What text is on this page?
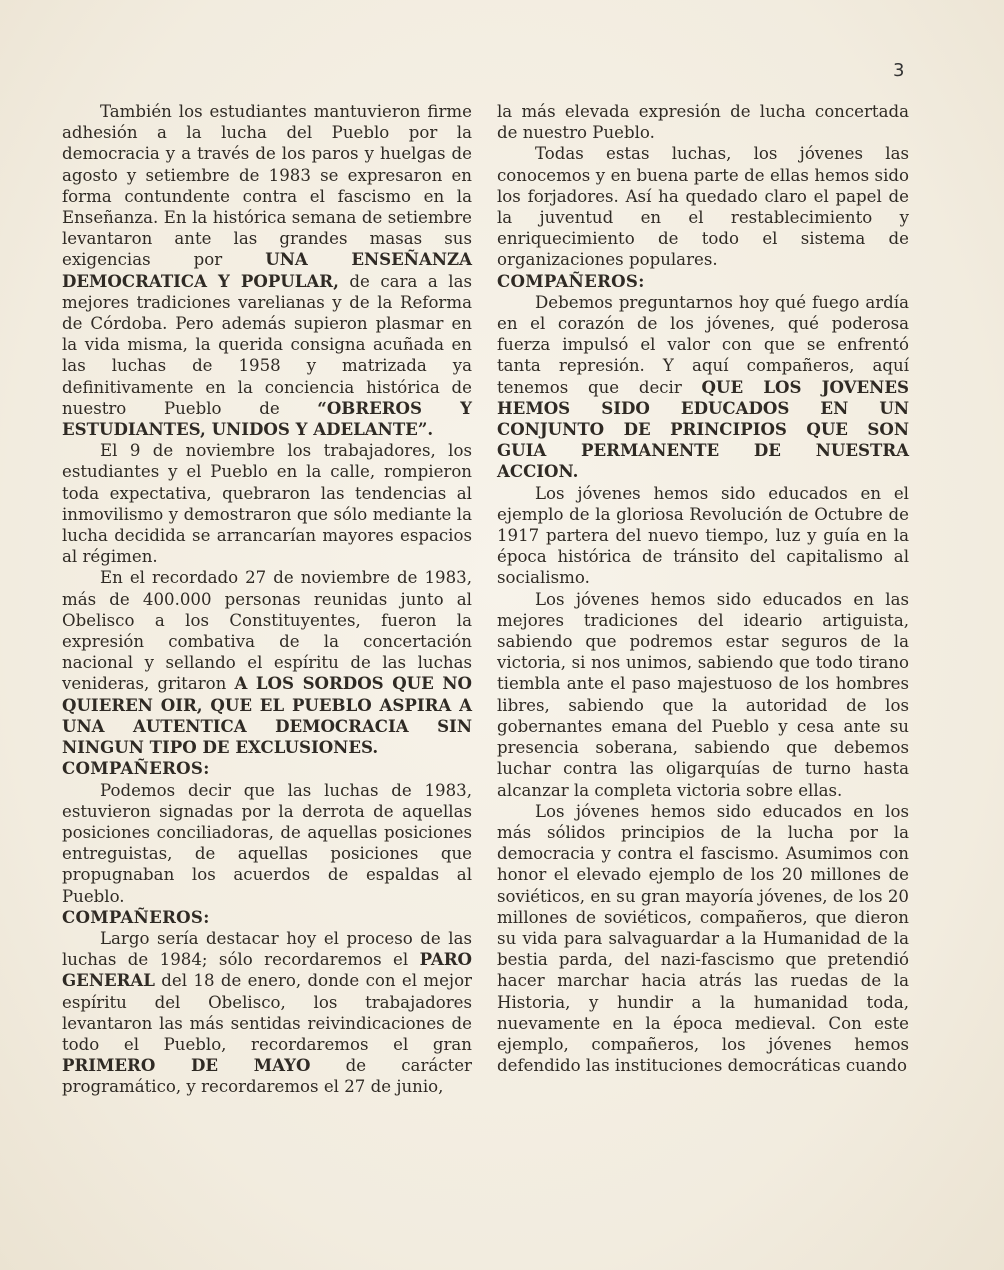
3

También los estudiantes mantuvieron firme adhesión a la lucha del Pueblo por la democracia y a través de los paros y huelgas de agosto y setiembre de 1983 se expresaron en forma contundente contra el fascismo en la Enseñanza. En la histórica semana de setiembre levantaron ante las grandes masas sus exigencias por UNA ENSEÑANZA DEMOCRATICA Y POPULAR, de cara a las mejores tradiciones varelianas y de la Reforma de Córdoba. Pero además supieron plasmar en la vida misma, la querida consigna acuñada en las luchas de 1958 y matrizada ya definitivamente en la conciencia histórica de nuestro Pueblo de “OBREROS Y ESTUDIANTES, UNIDOS Y ADELANTE”.

El 9 de noviembre los trabajadores, los estudiantes y el Pueblo en la calle, rompieron toda expectativa, quebraron las tendencias al inmovilismo y demostraron que sólo mediante la lucha decidida se arrancarían mayores espacios al régimen.

En el recordado 27 de noviembre de 1983, más de 400.000 personas reunidas junto al Obelisco a los Constituyentes, fueron la expresión combativa de la concertación nacional y sellando el espíritu de las luchas venideras, gritaron A LOS SORDOS QUE NO QUIEREN OIR, QUE EL PUEBLO ASPIRA A UNA AUTENTICA DEMOCRACIA SIN NINGUN TIPO DE EXCLUSIONES.

COMPAÑEROS:

Podemos decir que las luchas de 1983, estuvieron signadas por la derrota de aquellas posiciones conciliadoras, de aquellas posiciones entreguistas, de aquellas posiciones que propugnaban los acuerdos de espaldas al Pueblo.

COMPAÑEROS:

Largo sería destacar hoy el proceso de las luchas de 1984; sólo recordaremos el PARO GENERAL del 18 de enero, donde con el mejor espíritu del Obelisco, los trabajadores levantaron las más sentidas reivindicaciones de todo el Pueblo, recordaremos el gran PRIMERO DE MAYO de carácter programático, y recordaremos el 27 de junio,

la más elevada expresión de lucha concertada de nuestro Pueblo.

Todas estas luchas, los jóvenes las conocemos y en buena parte de ellas hemos sido los forjadores. Así ha quedado claro el papel de la juventud en el restablecimiento y enriquecimiento de todo el sistema de organizaciones populares.

COMPAÑEROS:

Debemos preguntarnos hoy qué fuego ardía en el corazón de los jóvenes, qué poderosa fuerza impulsó el valor con que se enfrentó tanta represión. Y aquí compañeros, aquí tenemos que decir QUE LOS JOVENES HEMOS SIDO EDUCADOS EN UN CONJUNTO DE PRINCIPIOS QUE SON GUIA PERMANENTE DE NUESTRA ACCION.

Los jóvenes hemos sido educados en el ejemplo de la gloriosa Revolución de Octubre de 1917 partera del nuevo tiempo, luz y guía en la época histórica de tránsito del capitalismo al socialismo.

Los jóvenes hemos sido educados en las mejores tradiciones del ideario artiguista, sabiendo que podremos estar seguros de la victoria, si nos unimos, sabiendo que todo tirano tiembla ante el paso majestuoso de los hombres libres, sabiendo que la autoridad de los gobernantes emana del Pueblo y cesa ante su presencia soberana, sabiendo que debemos luchar contra las oligarquías de turno hasta alcanzar la completa victoria sobre ellas.

Los jóvenes hemos sido educados en los más sólidos principios de la lucha por la democracia y contra el fascismo. Asumimos con honor el elevado ejemplo de los 20 millones de soviéticos, en su gran mayoría jóvenes, de los 20 millones de soviéticos, compañeros, que dieron su vida para salvaguardar a la Humanidad de la bestia parda, del nazi-fascismo que pretendió hacer marchar hacia atrás las ruedas de la Historia, y hundir a la humanidad toda, nuevamente en la época medieval. Con este ejemplo, compañeros, los jóvenes hemos defendido las instituciones democráticas cuando
